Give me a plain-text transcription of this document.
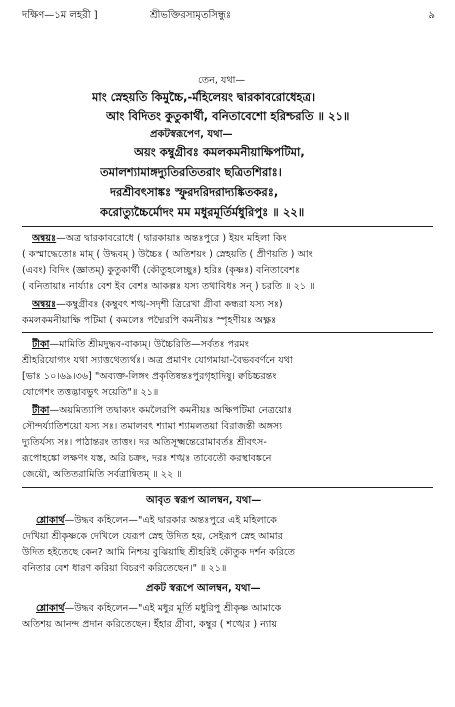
দক্ষিণ—১ম লহরী ]	শ্রীভক্তিরসামৃতসিন্ধুঃ	৯
তেন, যথা—
মাং স্নেহয়তি কিমুচ্চৈ,-র্মহিলেয়ং দ্বারকাবরোধেহত্র।
আং বিদিতং কুতুকার্থী, বনিতাবেশো হরিশ্চরতি ॥ ২১॥
প্রকটস্বরূপেণ, যথা—
অয়ং কম্বুগ্রীবঃ কমলকমনীয়াক্ষিপটিমা,
তমালশ্যামাঙ্গদ্যুতিরতিতরাং ছত্রিতশিরাঃ।
দরশ্রীবৎসাঙ্কঃ স্ফুরদরিদরাদ্যঙ্কিতকরঃ,
করোত্যুচ্চৈর্মোদং মম মধুরমূর্তির্মধুরিপুঃ ॥ ২২॥
অন্বয়ঃ—অত্র দ্বারকাবরোধে ( দ্বারকায়াঃ অন্তঃপুরে ) ইয়ং মহিলা কিং
( কস্মাদ্ধেতোঃ মাম্ ( উদ্ধবম্ ) উচ্চৈঃ ( অতিশয়ং ) স্নেহয়তি ( প্রীণয়তি ) আং
(এবং) বিদিং (জ্ঞাতম্) কুতুকার্থী (কৌতুহলেচ্ছুঃ) হরিঃ (কৃষ্ণঃ) বনিতাবেশঃ
( বনিতায়াঃ নার্য্যাঃ বেশ ইব বেশঃ আকল্পঃ যস্য তথাবিধঃ সন্ ) চরতি ॥ ২১ ॥
অন্বয়ঃ—কম্বুগ্রীবঃ (কম্বুবৎ শঙ্খ-সদৃশী ত্রিরেখা গ্রীবা কন্ধরা যস্য সঃ)
কমলকমনীয়াক্ষি পটিমা ( কমলেঃ পদ্মৈরপি কমনীয়ঃ স্পৃহণীয়ঃ অক্ষ্ণঃ
টীকা—মামিতি শ্রীমদুদ্ধব-বাক্যম্। উচ্চৈরিতি—সর্বতঃ পরমং
শ্রীহরিযোগ্যং যথা স্যাত্তথেত্যর্থঃ। অত্র প্রমাণং যোগমায়া-বৈভববর্ণনে যথা
[ভাঃ ১০।৬৯।৩৬] "অব্যক্ত-লিঙ্গং প্রকৃতিষ্বন্তঃপুরগৃহাদিষু। ক্বচিচ্চরন্তং
যোগেশং তত্তদ্ভাবভুৎ সয়েতি"॥ ২১॥
টীকা—অয়মিত্যাপি তদ্বাক্যং কমলৈরপি কমনীয়ঃ অক্ষিপটিমা নেত্রয়োঃ
সৌন্দর্য্যাতিশয়ো যস্য সঃ। তমালবৎ শ্যামা শ্যামলতয়া বিরাজন্তী অঙ্গস্য
দ্যুতির্যস্য সঃ। পাঠান্তরং তাত্তং। দর অতিসূক্ষ্মন্তেরোমাবর্তঃ শ্রীবৎস-
রূপোহঙ্কো লক্ষণং যস্ত, অরি চক্রং, দরঃ শঙ্খঃ তাবেতৌ করস্থাবঙ্কনে
জেয়ৌ, অতিতরামিতি সর্বত্রান্বিতম্ ॥ ২২ ॥
আবৃত স্বরূপ আলম্বন, যথা—
শ্লোকার্থ—উদ্ধব কহিলেন—"এই দ্বারকার অন্তঃপুরে এই মহিলাকে
দেখিয়া শ্রীকৃষ্ণকে দেখিলে যেরূপ স্নেহ উদিত হয়, সেইরূপ স্নেহ আমার
উদিত হইতেছে কেন? আমি নিশ্চয় বুঝিয়াছি শ্রীহরিই কৌতুক দর্শন করিতে
বনিতার বেশ ধারণ করিয়া বিচরণ করিতেছেন।" ॥ ২১॥
প্রকট স্বরূপে আলম্বন, যথা—
শ্লোকার্থ—উদ্ধব কহিলেন—"এই মধুর মূর্তি মধুরিপু শ্রীকৃষ্ণ আমাকে
অতিশয় আনন্দ প্রদান করিতেছেন। ইঁহার গ্রীবা, কম্বুর ( শঙ্খের ) ন্যায়
